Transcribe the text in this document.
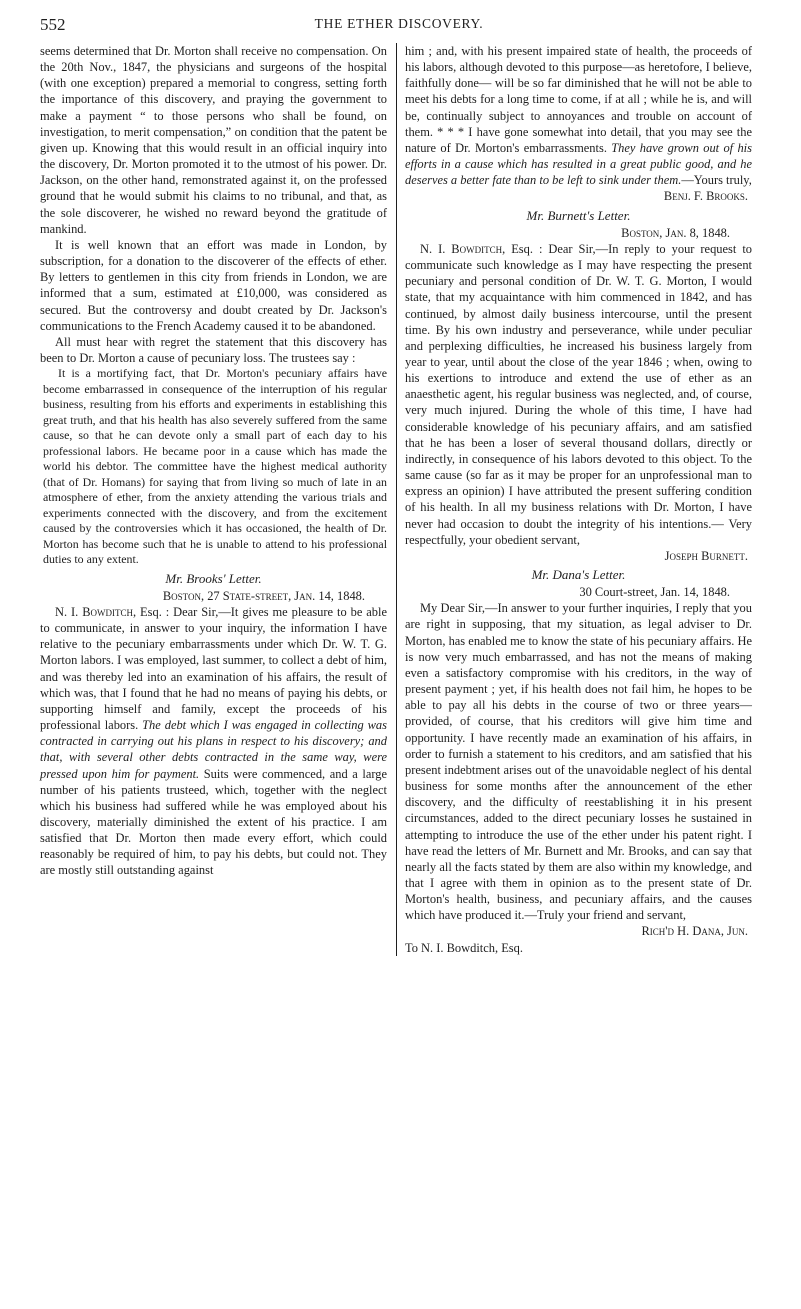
552	THE ETHER DISCOVERY.

seems determined that Dr. Morton shall receive no compensation. On the 20th Nov., 1847, the physicians and surgeons of the hospital (with one exception) prepared a memorial to congress, setting forth the importance of this discovery, and praying the government to make a payment “ to those persons who shall be found, on investigation, to merit compensation,” on condition that the patent be given up. Knowing that this would result in an official inquiry into the discovery, Dr. Morton promoted it to the utmost of his power. Dr. Jackson, on the other hand, remonstrated against it, on the professed ground that he would submit his claims to no tribunal, and that, as the sole discoverer, he wished no reward beyond the gratitude of mankind.

It is well known that an effort was made in London, by subscription, for a donation to the discoverer of the effects of ether. By letters to gentlemen in this city from friends in London, we are informed that a sum, estimated at £10,000, was considered as secured. But the controversy and doubt created by Dr. Jackson's communications to the French Academy caused it to be abandoned.

All must hear with regret the statement that this discovery has been to Dr. Morton a cause of pecuniary loss. The trustees say :

It is a mortifying fact, that Dr. Morton's pecuniary affairs have become embarrassed in consequence of the interruption of his regular business, resulting from his efforts and experiments in establishing this great truth, and that his health has also severely suffered from the same cause, so that he can devote only a small part of each day to his professional labors. He became poor in a cause which has made the world his debtor. The committee have the highest medical authority (that of Dr. Homans) for saying that from living so much of late in an atmosphere of ether, from the anxiety attending the various trials and experiments connected with the discovery, and from the excitement caused by the controversies which it has occasioned, the health of Dr. Morton has become such that he is unable to attend to his professional duties to any extent.

Mr. Brooks' Letter.

Boston, 27 State-street, Jan. 14, 1848.

N. I. Bowditch, Esq. : Dear Sir,—It gives me pleasure to be able to communicate, in answer to your inquiry, the information I have relative to the pecuniary embarrassments under which Dr. W. T. G. Morton labors. I was employed, last summer, to collect a debt of him, and was thereby led into an examination of his affairs, the result of which was, that I found that he had no means of paying his debts, or supporting himself and family, except the proceeds of his professional labors. The debt which I was engaged in collecting was contracted in carrying out his plans in respect to his discovery; and that, with several other debts contracted in the same way, were pressed upon him for payment. Suits were commenced, and a large number of his patients trusteed, which, together with the neglect which his business had suffered while he was employed about his discovery, materially diminished the extent of his practice. I am satisfied that Dr. Morton then made every effort, which could reasonably be required of him, to pay his debts, but could not. They are mostly still outstanding against

him ; and, with his present impaired state of health, the proceeds of his labors, although devoted to this purpose—as heretofore, I believe, faithfully done— will be so far diminished that he will not be able to meet his debts for a long time to come, if at all ; while he is, and will be, continually subject to annoyances and trouble on account of them. * * * I have gone somewhat into detail, that you may see the nature of Dr. Morton's embarrassments. They have grown out of his efforts in a cause which has resulted in a great public good, and he deserves a better fate than to be left to sink under them.—Yours truly,

Benj. F. Brooks.

Mr. Burnett's Letter.

Boston, Jan. 8, 1848.

N. I. Bowditch, Esq. : Dear Sir,—In reply to your request to communicate such knowledge as I may have respecting the present pecuniary and personal condition of Dr. W. T. G. Morton, I would state, that my acquaintance with him commenced in 1842, and has continued, by almost daily business intercourse, until the present time. By his own industry and perseverance, while under peculiar and perplexing difficulties, he increased his business largely from year to year, until about the close of the year 1846 ; when, owing to his exertions to introduce and extend the use of ether as an anaesthetic agent, his regular business was neglected, and, of course, very much injured. During the whole of this time, I have had considerable knowledge of his pecuniary affairs, and am satisfied that he has been a loser of several thousand dollars, directly or indirectly, in consequence of his labors devoted to this object. To the same cause (so far as it may be proper for an unprofessional man to express an opinion) I have attributed the present suffering condition of his health. In all my business relations with Dr. Morton, I have never had occasion to doubt the integrity of his intentions.— Very respectfully, your obedient servant,

Joseph Burnett.

Mr. Dana's Letter.

30 Court-street, Jan. 14, 1848.

My Dear Sir,—In answer to your further inquiries, I reply that you are right in supposing, that my situation, as legal adviser to Dr. Morton, has enabled me to know the state of his pecuniary affairs. He is now very much embarrassed, and has not the means of making even a satisfactory compromise with his creditors, in the way of present payment ; yet, if his health does not fail him, he hopes to be able to pay all his debts in the course of two or three years—provided, of course, that his creditors will give him time and opportunity. I have recently made an examination of his affairs, in order to furnish a statement to his creditors, and am satisfied that his present indebtment arises out of the unavoidable neglect of his dental business for some months after the announcement of the ether discovery, and the difficulty of reestablishing it in his present circumstances, added to the direct pecuniary losses he sustained in attempting to introduce the use of the ether under his patent right. I have read the letters of Mr. Burnett and Mr. Brooks, and can say that nearly all the facts stated by them are also within my knowledge, and that I agree with them in opinion as to the present state of Dr. Morton's health, business, and pecuniary affairs, and the causes which have produced it.—Truly your friend and servant,

Rich'd H. Dana, Jun.

To N. I. Bowditch, Esq.
